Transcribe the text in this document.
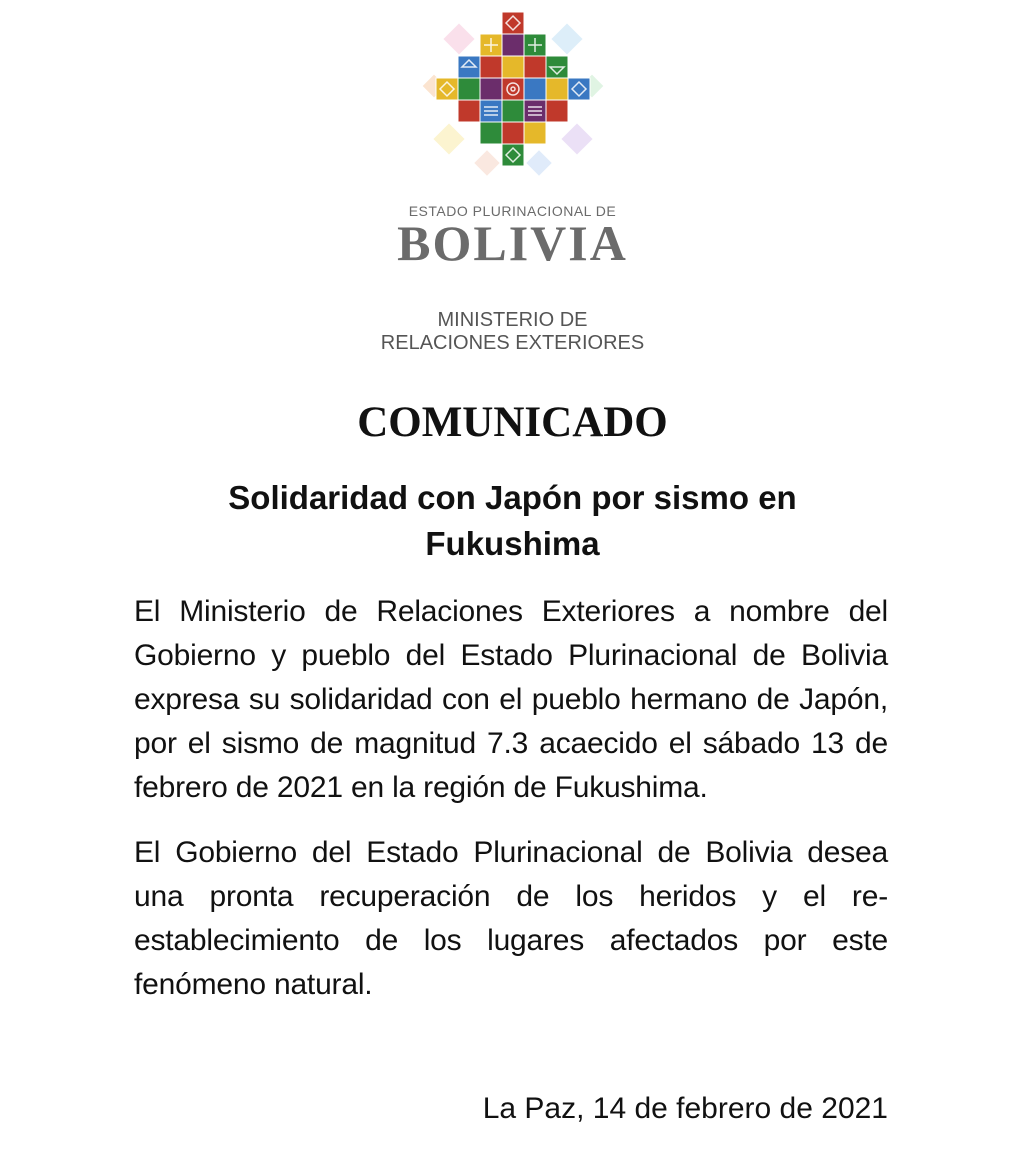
ESTADO PLURINACIONAL DE
BOLIVIA
MINISTERIO DE
RELACIONES EXTERIORES
COMUNICADO
Solidaridad con Japón por sismo en Fukushima

El Ministerio de Relaciones Exteriores a nombre del Gobierno y pueblo del Estado Plurinacional de Bolivia expresa su solidaridad con el pueblo hermano de Japón, por el sismo de magnitud 7.3 acaecido el sábado 13 de febrero de 2021 en la región de Fukushima.

El Gobierno del Estado Plurinacional de Bolivia desea una pronta recuperación de los heridos y el re-establecimiento de los lugares afectados por este fenómeno natural.

La Paz, 14 de febrero de 2021
